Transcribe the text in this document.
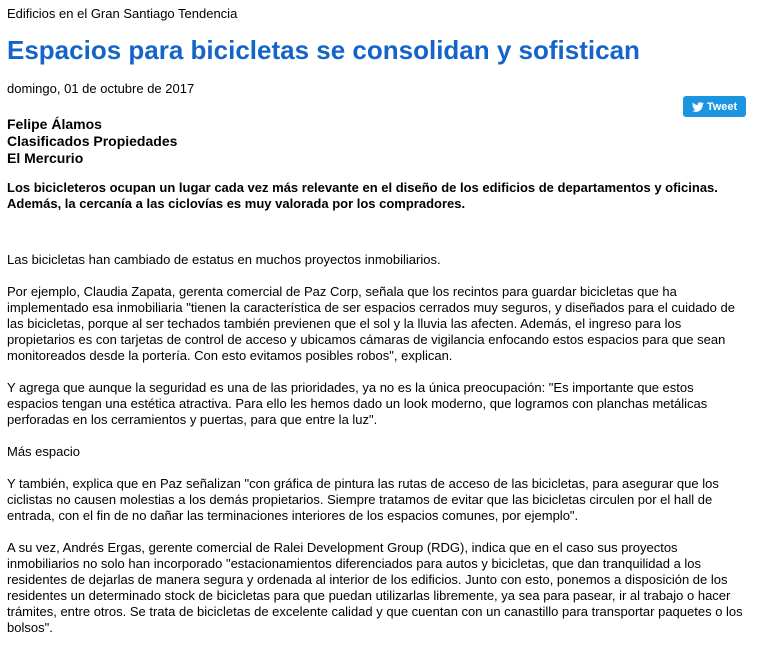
Edificios en el Gran Santiago Tendencia
Espacios para bicicletas se consolidan y sofistican
domingo, 01 de octubre de 2017
Tweet
Felipe Álamos
Clasificados Propiedades
El Mercurio
Los bicicleteros ocupan un lugar cada vez más relevante en el diseño de los edificios de departamentos y oficinas. Además, la cercanía a las ciclovías es muy valorada por los compradores.

Las bicicletas han cambiado de estatus en muchos proyectos inmobiliarios.

Por ejemplo, Claudia Zapata, gerenta comercial de Paz Corp, señala que los recintos para guardar bicicletas que ha implementado esa inmobiliaria "tienen la característica de ser espacios cerrados muy seguros, y diseñados para el cuidado de las bicicletas, porque al ser techados también previenen que el sol y la lluvia las afecten. Además, el ingreso para los propietarios es con tarjetas de control de acceso y ubicamos cámaras de vigilancia enfocando estos espacios para que sean monitoreados desde la portería. Con esto evitamos posibles robos", explican.

Y agrega que aunque la seguridad es una de las prioridades, ya no es la única preocupación: "Es importante que estos espacios tengan una estética atractiva. Para ello les hemos dado un look moderno, que logramos con planchas metálicas perforadas en los cerramientos y puertas, para que entre la luz".

Más espacio

Y también, explica que en Paz señalizan "con gráfica de pintura las rutas de acceso de las bicicletas, para asegurar que los ciclistas no causen molestias a los demás propietarios. Siempre tratamos de evitar que las bicicletas circulen por el hall de entrada, con el fin de no dañar las terminaciones interiores de los espacios comunes, por ejemplo".

A su vez, Andrés Ergas, gerente comercial de Ralei Development Group (RDG), indica que en el caso sus proyectos inmobiliarios no solo han incorporado "estacionamientos diferenciados para autos y bicicletas, que dan tranquilidad a los residentes de dejarlas de manera segura y ordenada al interior de los edificios. Junto con esto, ponemos a disposición de los residentes un determinado stock de bicicletas para que puedan utilizarlas libremente, ya sea para pasear, ir al trabajo o hacer trámites, entre otros. Se trata de bicicletas de excelente calidad y que cuentan con un canastillo para transportar paquetes o los bolsos".
